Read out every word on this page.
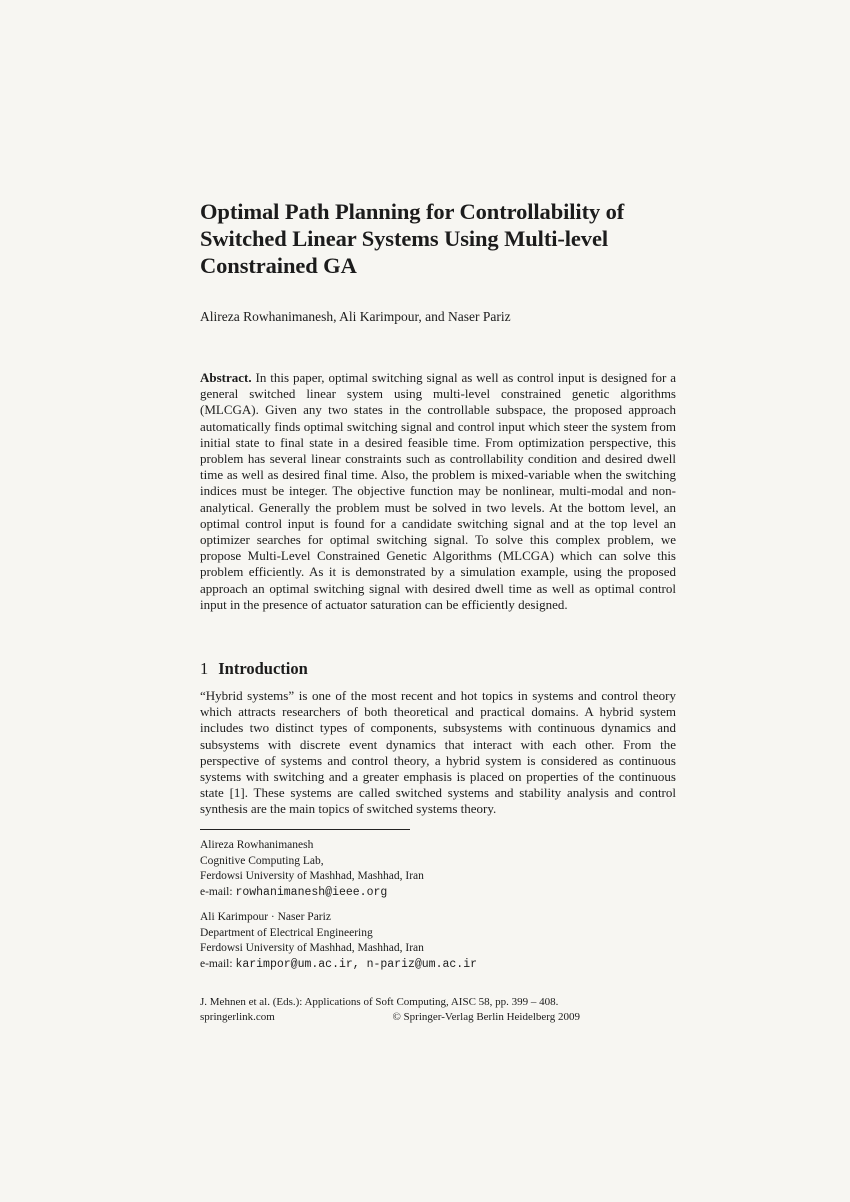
Optimal Path Planning for Controllability of Switched Linear Systems Using Multi-level Constrained GA
Alireza Rowhanimanesh, Ali Karimpour, and Naser Pariz

Abstract. In this paper, optimal switching signal as well as control input is designed for a general switched linear system using multi-level constrained genetic algorithms (MLCGA). Given any two states in the controllable subspace, the proposed approach automatically finds optimal switching signal and control input which steer the system from initial state to final state in a desired feasible time. From optimization perspective, this problem has several linear constraints such as controllability condition and desired dwell time as well as desired final time. Also, the problem is mixed-variable when the switching indices must be integer. The objective function may be nonlinear, multi-modal and non-analytical. Generally the problem must be solved in two levels. At the bottom level, an optimal control input is found for a candidate switching signal and at the top level an optimizer searches for optimal switching signal. To solve this complex problem, we propose Multi-Level Constrained Genetic Algorithms (MLCGA) which can solve this problem efficiently. As it is demonstrated by a simulation example, using the proposed approach an optimal switching signal with desired dwell time as well as optimal control input in the presence of actuator saturation can be efficiently designed.

1 Introduction

“Hybrid systems” is one of the most recent and hot topics in systems and control theory which attracts researchers of both theoretical and practical domains. A hybrid system includes two distinct types of components, subsystems with continuous dynamics and subsystems with discrete event dynamics that interact with each other. From the perspective of systems and control theory, a hybrid system is considered as continuous systems with switching and a greater emphasis is placed on properties of the continuous state [1]. These systems are called switched systems and stability analysis and control synthesis are the main topics of switched systems theory.

Alireza Rowhanimanesh
Cognitive Computing Lab,
Ferdowsi University of Mashhad, Mashhad, Iran
e-mail: rowhanimanesh@ieee.org
Ali Karimpour · Naser Pariz
Department of Electrical Engineering
Ferdowsi University of Mashhad, Mashhad, Iran
e-mail: karimpor@um.ac.ir, n-pariz@um.ac.ir
J. Mehnen et al. (Eds.): Applications of Soft Computing, AISC 58, pp. 399 – 408.
springerlink.com	© Springer-Verlag Berlin Heidelberg 2009
